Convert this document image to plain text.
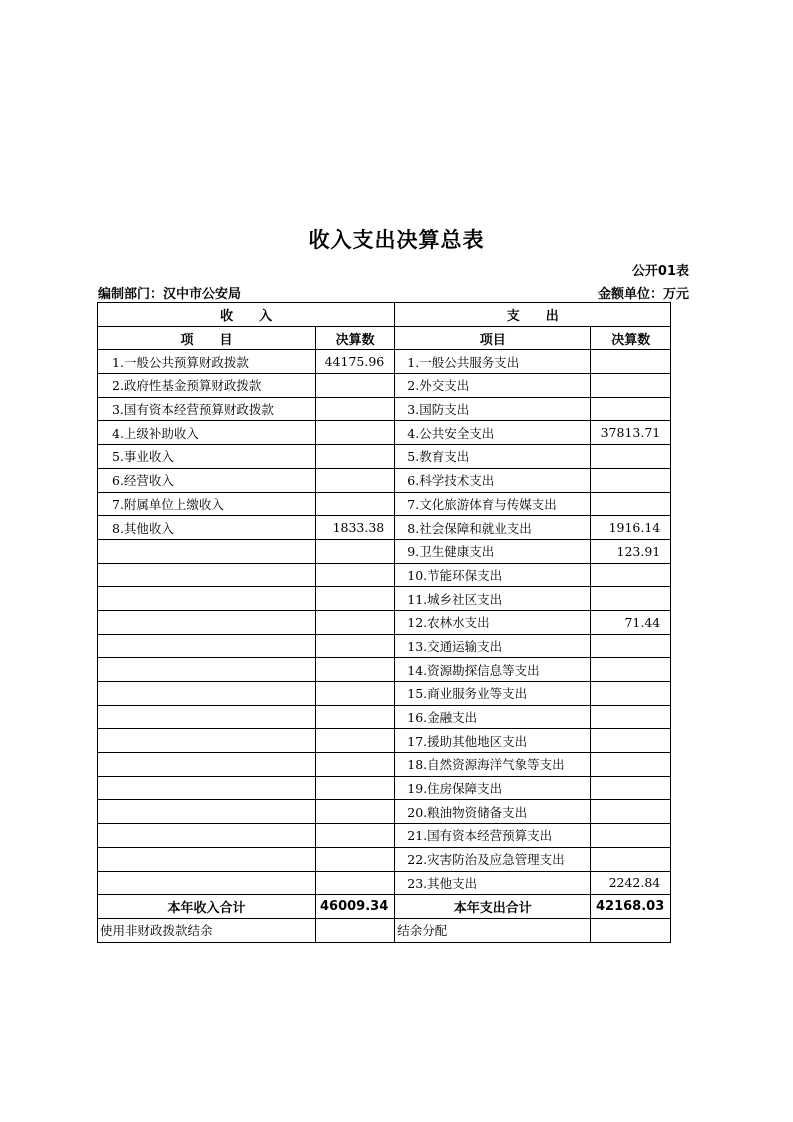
收入支出决算总表
公开01表
编制部门：汉中市公安局	金额单位：万元
收　　入		支　　出	
项　　目	决算数	项目	决算数
1.一般公共预算财政拨款	44175.96	1.一般公共服务支出	
2.政府性基金预算财政拨款		2.外交支出	
3.国有资本经营预算财政拨款		3.国防支出	
4.上级补助收入		4.公共安全支出	37813.71
5.事业收入		5.教育支出	
6.经营收入		6.科学技术支出	
7.附属单位上缴收入		7.文化旅游体育与传媒支出	
8.其他收入	1833.38	8.社会保障和就业支出	1916.14
		9.卫生健康支出	123.91
		10.节能环保支出	
		11.城乡社区支出	
		12.农林水支出	71.44
		13.交通运输支出	
		14.资源勘探信息等支出	
		15.商业服务业等支出	
		16.金融支出	
		17.援助其他地区支出	
		18.自然资源海洋气象等支出	
		19.住房保障支出	
		20.粮油物资储备支出	
		21.国有资本经营预算支出	
		22.灾害防治及应急管理支出	
		23.其他支出	2242.84
本年收入合计	46009.34	本年支出合计	42168.03
使用非财政拨款结余		结余分配	
